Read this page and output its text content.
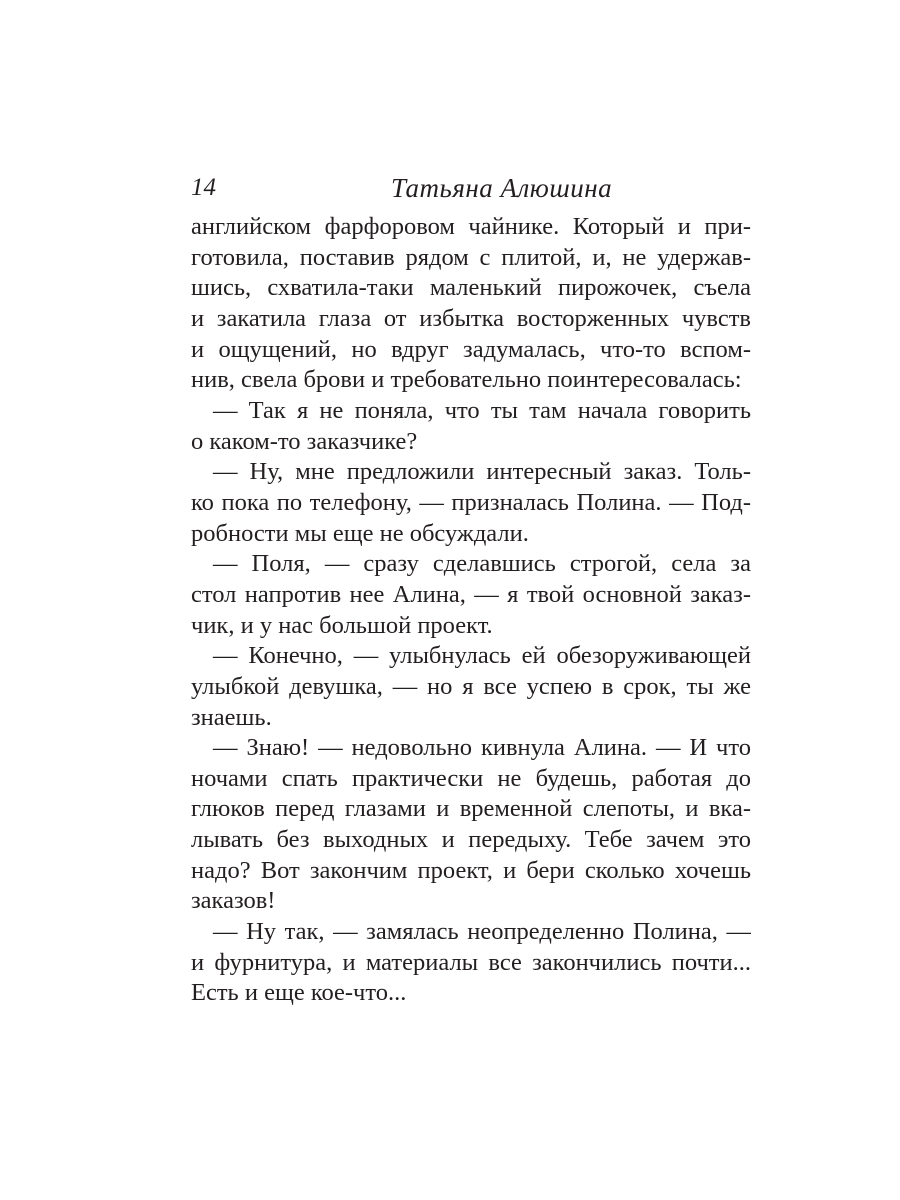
14	Татьяна Алюшина
английском фарфоровом чайнике. Который и при-
готовила, поставив рядом с плитой, и, не удержав-
шись, схватила-таки маленький пирожочек, съела
и закатила глаза от избытка восторженных чувств
и ощущений, но вдруг задумалась, что-то вспом-
нив, свела брови и требовательно поинтересовалась:
— Так я не поняла, что ты там начала говорить
о каком-то заказчике?
— Ну, мне предложили интересный заказ. Толь-
ко пока по телефону, — призналась Полина. — Под-
робности мы еще не обсуждали.
— Поля, — сразу сделавшись строгой, села за
стол напротив нее Алина, — я твой основной заказ-
чик, и у нас большой проект.
— Конечно, — улыбнулась ей обезоруживающей
улыбкой девушка, — но я все успею в срок, ты же
знаешь.
— Знаю! — недовольно кивнула Алина. — И что
ночами спать практически не будешь, работая до
глюков перед глазами и временной слепоты, и вка-
лывать без выходных и передыху. Тебе зачем это
надо? Вот закончим проект, и бери сколько хочешь
заказов!
— Ну так, — замялась неопределенно Полина, —
и фурнитура, и материалы все закончились почти...
Есть и еще кое-что...
